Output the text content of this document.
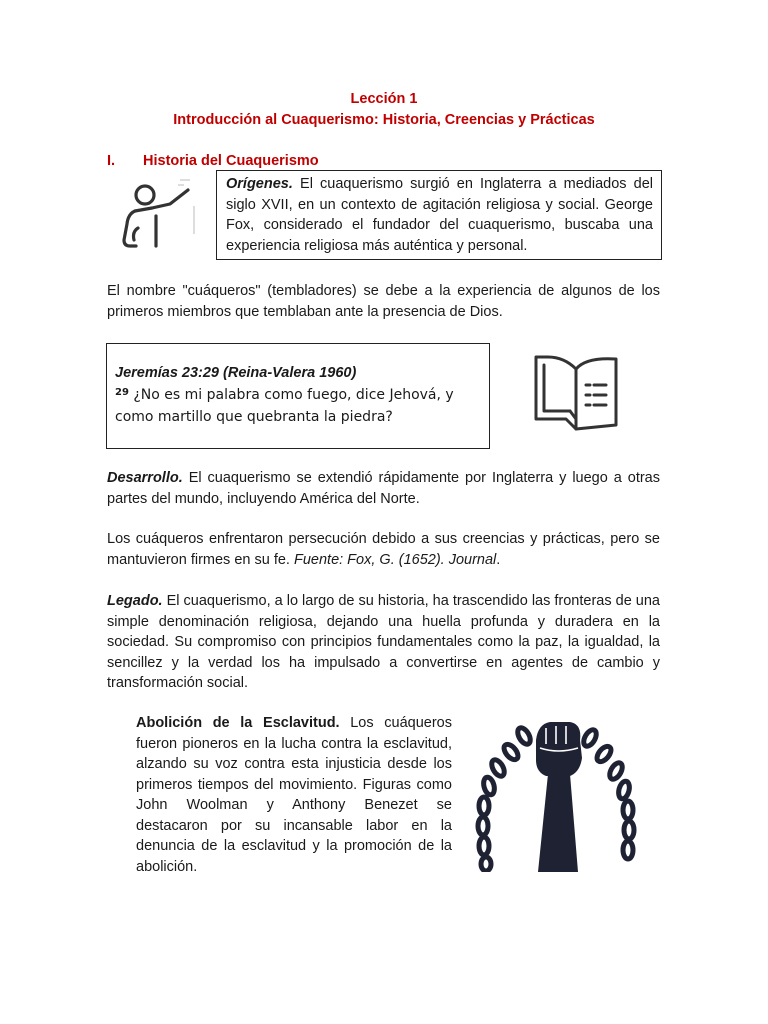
Lección 1
Introducción al Cuaquerismo: Historia, Creencias y Prácticas
I. Historia del Cuaquerismo

Orígenes. El cuaquerismo surgió en Inglaterra a mediados del siglo XVII, en un contexto de agitación religiosa y social. George Fox, considerado el fundador del cuaquerismo, buscaba una experiencia religiosa más auténtica y personal.

El nombre "cuáqueros" (tembladores) se debe a la experiencia de algunos de los primeros miembros que temblaban ante la presencia de Dios.

Jeremías 23:29 (Reina-Valera 1960)
$^{29}$ ¿No es mi palabra como fuego, dice Jehová, y como martillo que quebranta la piedra?

Desarrollo. El cuaquerismo se extendió rápidamente por Inglaterra y luego a otras partes del mundo, incluyendo América del Norte.

Los cuáqueros enfrentaron persecución debido a sus creencias y prácticas, pero se mantuvieron firmes en su fe. Fuente: Fox, G. (1652). Journal.

Legado. El cuaquerismo, a lo largo de su historia, ha trascendido las fronteras de una simple denominación religiosa, dejando una huella profunda y duradera en la sociedad. Su compromiso con principios fundamentales como la paz, la igualdad, la sencillez y la verdad los ha impulsado a convertirse en agentes de cambio y transformación social.

Abolición de la Esclavitud. Los cuáqueros fueron pioneros en la lucha contra la esclavitud, alzando su voz contra esta injusticia desde los primeros tiempos del movimiento. Figuras como John Woolman y Anthony Benezet se destacaron por su incansable labor en la denuncia de la esclavitud y la promoción de la abolición.
